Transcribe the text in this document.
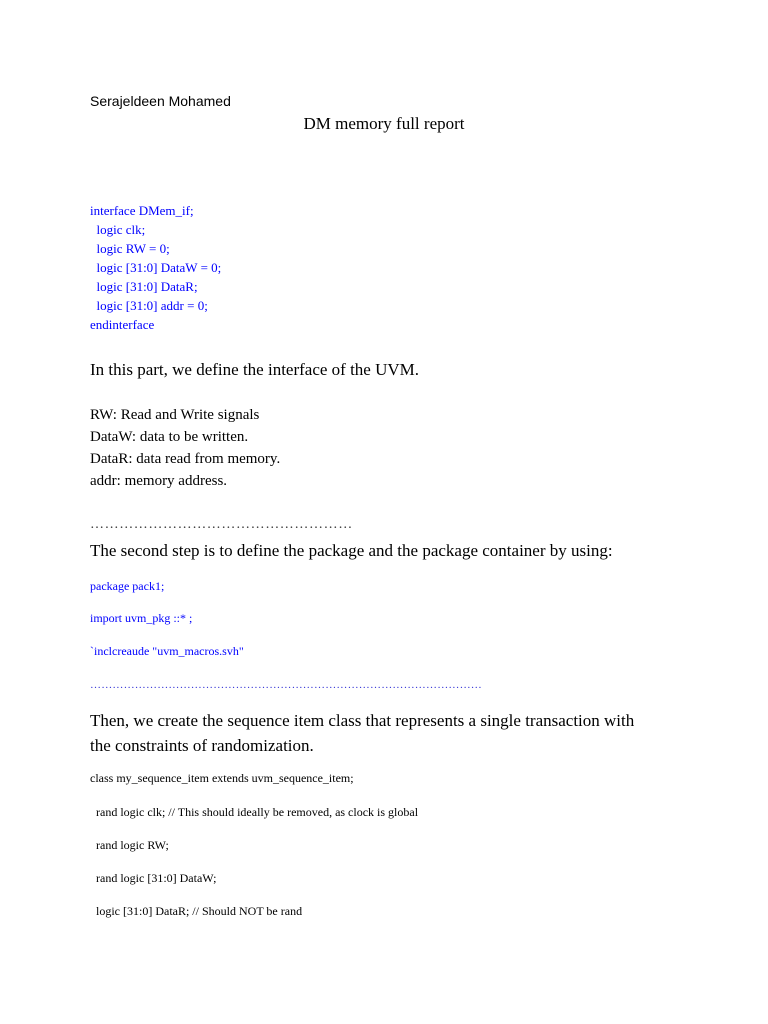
Serajeldeen Mohamed
DM memory full report
interface DMem_if;
logic clk;
logic RW = 0;
logic [31:0] DataW = 0;
logic [31:0] DataR;
logic [31:0] addr = 0;
endinterface
In this part, we define the interface of the UVM.
RW: Read and Write signals
DataW: data to be written.
DataR: data read from memory.
addr: memory address.
………………………………………………
The second step is to define the package and the package container by using:
package pack1;
import uvm_pkg ::* ;
`inclcreaude "uvm_macros.svh"
……………………………………………………………………………………………
Then, we create the sequence item class that represents a single transaction with
the constraints of randomization.
class my_sequence_item extends uvm_sequence_item;
rand logic clk; // This should ideally be removed, as clock is global
rand logic RW;
rand logic [31:0] DataW;
logic [31:0] DataR; // Should NOT be rand
